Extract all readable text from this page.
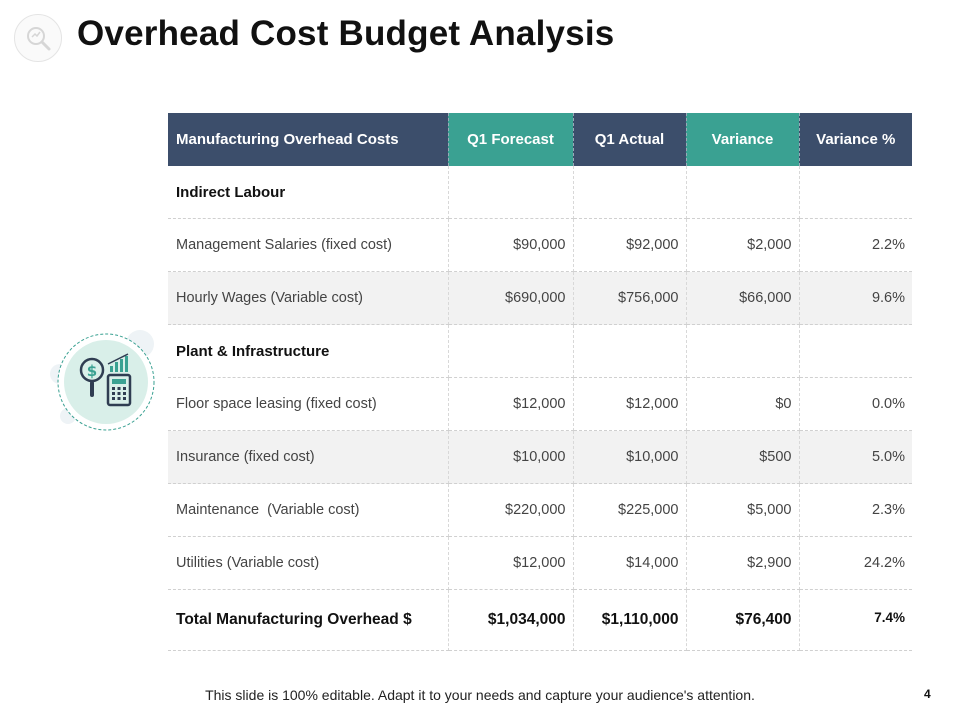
Overhead Cost Budget Analysis
$
Manufacturing Overhead Costs	Q1 Forecast	Q1 Actual	Variance	Variance %
Indirect Labour				
Management Salaries (fixed cost)	$90,000	$92,000	$2,000	2.2%
Hourly Wages (Variable cost)	$690,000	$756,000	$66,000	9.6%
Plant & Infrastructure				
Floor space leasing (fixed cost)	$12,000	$12,000	$0	0.0%
Insurance (fixed cost)	$10,000	$10,000	$500	5.0%
Maintenance  (Variable cost)	$220,000	$225,000	$5,000	2.3%
Utilities (Variable cost)	$12,000	$14,000	$2,900	24.2%
Total Manufacturing Overhead $	$1,034,000	$1,110,000	$76,400	7.4%
This slide is 100% editable. Adapt it to your needs and capture your audience's attention.	4
